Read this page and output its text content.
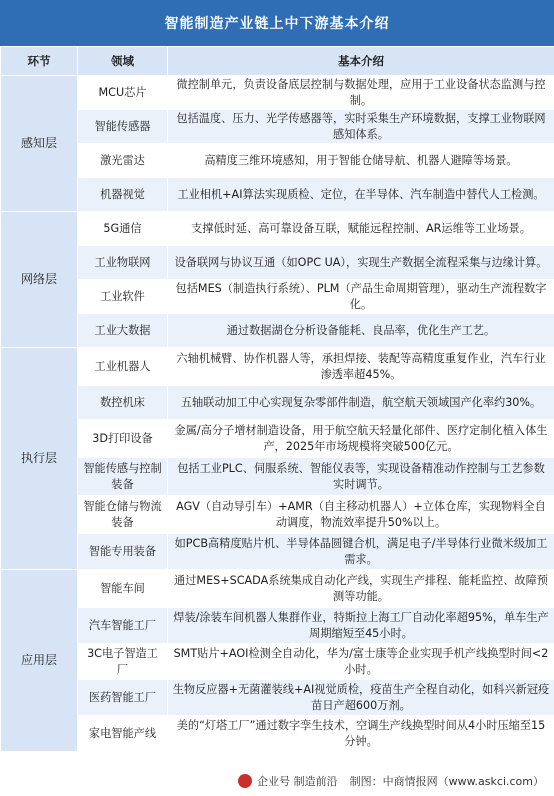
智能制造产业链上中下游基本介绍
环节	领域	基本介绍
感知层	MCU芯片	微控制单元，负责设备底层控制与数据处理，应用于工业设备状态监测与控制。
	智能传感器	包括温度、压力、光学传感器等，实时采集生产环境数据，支撑工业物联网感知体系。
	激光雷达	高精度三维环境感知，用于智能仓储导航、机器人避障等场景。
	机器视觉	工业相机+AI算法实现质检、定位，在半导体、汽车制造中替代人工检测。
网络层	5G通信	支撑低时延、高可靠设备互联，赋能远程控制、AR运维等工业场景。
	工业物联网	设备联网与协议互通（如OPC UA），实现生产数据全流程采集与边缘计算。
	工业软件	包括MES（制造执行系统）、PLM（产品生命周期管理），驱动生产流程数字化。
	工业大数据	通过数据湖仓分析设备能耗、良品率，优化生产工艺。
执行层	工业机器人	六轴机械臂、协作机器人等，承担焊接、装配等高精度重复作业，汽车行业渗透率超45%。
	数控机床	五轴联动加工中心实现复杂零部件制造，航空航天领域国产化率约30%。
	3D打印设备	金属/高分子增材制造设备，用于航空航天轻量化部件、医疗定制化植入体生产，2025年市场规模将突破500亿元。
	智能传感与控制装备	包括工业PLC、伺服系统、智能仪表等，实现设备精准动作控制与工艺参数实时调节。
	智能仓储与物流装备	AGV（自动导引车）+AMR（自主移动机器人）+立体仓库，实现物料全自动调度，物流效率提升50%以上。
	智能专用装备	如PCB高精度贴片机、半导体晶圆键合机，满足电子/半导体行业微米级加工需求。
应用层	智能车间	通过MES+SCADA系统集成自动化产线，实现生产排程、能耗监控、故障预测等功能。
	汽车智能工厂	焊装/涂装车间机器人集群作业，特斯拉上海工厂自动化率超95%，单车生产周期缩短至45小时。
	3C电子智造工厂	SMT贴片+AOI检测全自动化，华为/富士康等企业实现手机产线换型时间<2小时。
	医药智能工厂	生物反应器+无菌灌装线+AI视觉质检，疫苗生产全程自动化，如科兴新冠疫苗日产超600万剂。
	家电智能产线	美的“灯塔工厂”通过数字孪生技术，空调生产线换型时间从4小时压缩至15分钟。
企业号 制造前沿 制图：中商情报网（www.askci.com）
